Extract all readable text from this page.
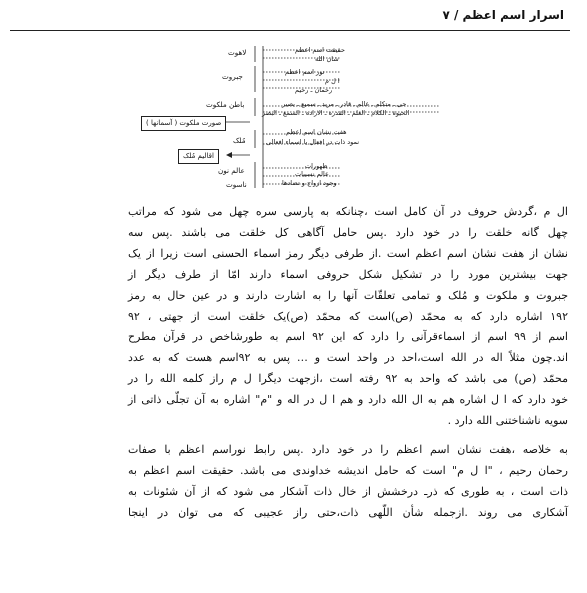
اسرار اسم اعظم / ۷
لاهوت
جبروت
باطن ملکوت
صورت ملکوت ( آسمانها )
مُلک
اقالیم مُلک
عالم نون
ناسوت
حقیقت اسم اعظم
شان الله
نور اسم اعظم
ا ل م
رحمان ـ رحیم
حی ـ متکلم ـ عالم ـ قادر ـ مرید ـ سمیع ـ بصیر
الحیوة ـ الکلام ـ العلم ـ القدره ـ الاراده ـ السمع ـ البصر
هفت نشان اسم اعظم
نمود ذات در افعال یا اسماء افعالی
ظهورات
عالم نسبیات
وجود ازواج و تضادها
ال م ،گردش حروف در آن کامل است ،چنانکه به پارسی سره چهل می شود که مراتب
چهل گانه خلقت را در خود دارد .پس حامل آگاهی کل خلقت می باشند .پس سه
نشان از هفت نشان اسم اعظم است .از طرفی دیگر رمز اسماء الحسنی است زیرا از یک
جهت بیشترین مورد را در تشکیل شکل حروفی اسماء دارند امّا از طرف دیگر از
جبروت و ملکوت و مُلک و تمامی تعلقّات آنها را به اشارت دارند و در عین حال به رمز
۱۹۲ اشاره دارد که به محمّد (ص)است که محمّد (ص)یک خلقت است از جهتی ، ۹۲
اسم از ۹۹ اسم از اسماءقرآنی را دارد که این ۹۲ اسم به طورشاخص در قرآن مطرح
اند.چون مثلاً اله در الله است،احد در واحد است و … پس به ۹۲اسم هست که به عدد
محمّد (ص) می باشد که واحد به ۹۲ رفته است ،ازجهت دیگرا ل م راز کلمه الله را در
خود دارد که ا ل اشاره هم به ال الله دارد و هم ا ل در اله و "م" اشاره به آن تجلّی ذاتی از
سویه ناشناختنی الله دارد .
به خلاصه ،هفت نشان اسم اعظم را در خود دارد .پس رابط نوراسم اعظم با صفات
رحمان رحیم ، "ا ل م" است که حامل اندیشه خداوندی می باشد. حقیقت اسم اعظم به
ذات است ، به طوری که ذرـ درخشش از خال ذات آشکار می شود که از آن شئونات به
آشکاری می روند .ازجمله شأن اللّهی ذات،حتی راز عجیبی که می توان در اینجا
